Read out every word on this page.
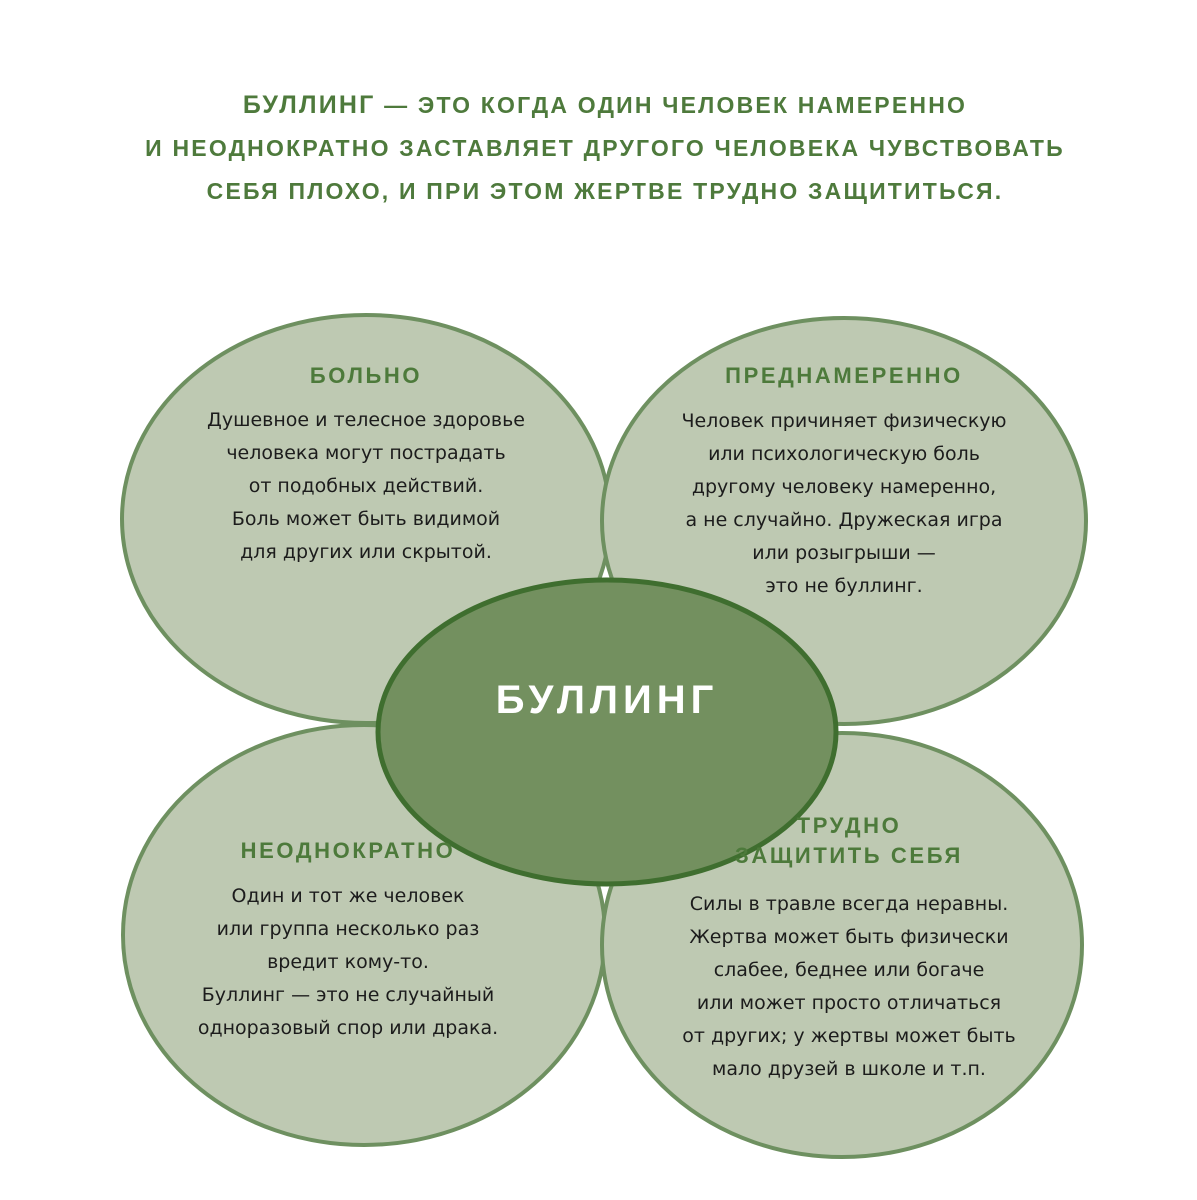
БУЛЛИНГ — ЭТО КОГДА ОДИН ЧЕЛОВЕК НАМЕРЕННО
И НЕОДНОКРАТНО ЗАСТАВЛЯЕТ ДРУГОГО ЧЕЛОВЕКА ЧУВСТВОВАТЬ
СЕБЯ ПЛОХО, И ПРИ ЭТОМ ЖЕРТВЕ ТРУДНО ЗАЩИТИТЬСЯ.
БОЛЬНО
Душевное и телесное здоровье
человека могут пострадать
от подобных действий.
Боль может быть видимой
для других или скрытой.
ПРЕДНАМЕРЕННО
Человек причиняет физическую
или психологическую боль
другому человеку намеренно,
а не случайно. Дружеская игра
или розыгрыши —
это не буллинг.
НЕОДНОКРАТНО
Один и тот же человек
или группа несколько раз
вредит кому-то.
Буллинг — это не случайный
одноразовый спор или драка.
ТРУДНО
ЗАЩИТИТЬ СЕБЯ
Силы в травле всегда неравны.
Жертва может быть физически
слабее, беднее или богаче
или может просто отличаться
от других; у жертвы может быть
мало друзей в школе и т.п.
БУЛЛИНГ
